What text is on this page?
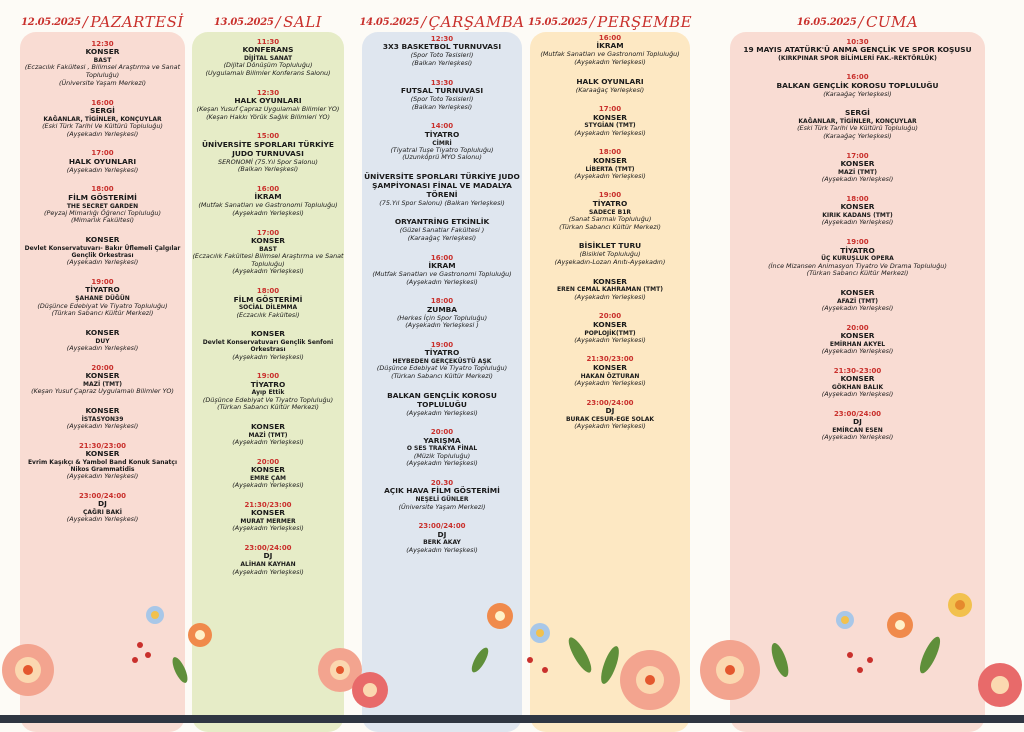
12.05.2025 / PAZARTESİ	13.05.2025 / SALI	14.05.2025 / ÇARŞAMBA 15.05.2025 / PERŞEMBE	16.05.2025 / CUMA
12:30
KONSER
BAST
(Eczacılık Fakültesi , Bilimsel Araştırma ve Sanat Topluluğu)
(Üniversite Yaşam Merkezi)
16:00
SERGİ
KAĞANLAR, TİGİNLER, KONÇUYLAR
(Eski Türk Tarihi Ve Kültürü Topluluğu)
(Ayşekadın Yerleşkesi)
17:00
HALK OYUNLARI
(Ayşekadın Yerleşkesi)
18:00
FİLM GÖSTERİMİ
THE SECRET GARDEN
(Peyzaj Mimarlığı Öğrenci Topluluğu)
(Mimarlık Fakültesi)
KONSER
Devlet Konservatuvarı- Bakır Üflemeli Çalgılar Gençlik Orkestrası
(Ayşekadın Yerleşkesi)
19:00
TİYATRO
ŞAHANE DÜĞÜN
(Düşünce Edebiyat Ve Tiyatro Topluluğu)
(Türkan Sabancı Kültür Merkezi)
KONSER
DUY
(Ayşekadın Yerleşkesi)
20:00
KONSER
MAZİ (TMT)
(Keşan Yusuf Çapraz Uygulamalı Bilimler YO)
KONSER
İSTASYON39
(Ayşekadın Yerleşkesi)
21:30/23:00
KONSER
Evrim Kaşıkçı & Yambol Band Konuk Sanatçı Nikos Grammatidis
(Ayşekadın Yerleşkesi)
23:00/24:00
DJ
ÇAĞRI BAKİ
(Ayşekadın Yerleşkesi)
11:30
KONFERANS
DİJİTAL SANAT
(Dijital Dönüşüm Topluluğu)
(Uygulamalı Bilimler Konferans Salonu)
12:30
HALK OYUNLARI
(Keşan Yusuf Çapraz Uygulamalı Bilimler YO)
(Keşan Hakkı Yörük Sağlık Bilimleri YO)
15:00
ÜNİVERSİTE SPORLARI TÜRKİYE JUDO TURNUVASI
SERONOMİ (75.Yıl Spor Salonu)
(Balkan Yerleşkesi)
16:00
İKRAM
(Mutfak Sanatları ve Gastronomi Topluluğu)
(Ayşekadın Yerleşkesi)
17:00
KONSER
BAST
(Eczacılık Fakültesi Bilimsel Araştırma ve Sanat Topluluğu)
(Ayşekadın Yerleşkesi)
18:00
FİLM GÖSTERİMİ
SOCİAL DİLEMMA
(Eczacılık Fakültesi)
KONSER
Devlet Konservatuvarı Gençlik Senfoni Orkestrası
(Ayşekadın Yerleşkesi)
19:00
TİYATRO
Ayıp Ettik
(Düşünce Edebiyat Ve Tiyatro Topluluğu)
(Türkan Sabancı Kültür Merkezi)
KONSER
MAZİ (TMT)
(Ayşekadın Yerleşkesi)
20:00
KONSER
EMRE ÇAM
(Ayşekadın Yerleşkesi)
21:30/23:00
KONSER
MURAT MERMER
(Ayşekadın Yerleşkesi)
23:00/24:00
DJ
ALİHAN KAYHAN
(Ayşekadın Yerleşkesi)
12:30
3X3 BASKETBOL TURNUVASI
(Spor Toto Tesisleri)
(Balkan Yerleşkesi)
13:30
FUTSAL TURNUVASI
(Spor Toto Tesisleri)
(Balkan Yerleşkesi)
14:00
TİYATRO
CİMRİ
(Tiyatral Tuşe Tiyatro Topluluğu)
(Uzunköprü MYO Salonu)
ÜNİVERSİTE SPORLARI TÜRKİYE JUDO ŞAMPİYONASI FİNAL VE MADALYA TÖRENİ
(75.Yıl Spor Salonu) (Balkan Yerleşkesi)
ORYANTRİNG ETKİNLİK
(Güzel Sanatlar Fakültesi )
(Karaağaç Yerleşkesi)
16:00
İKRAM
(Mutfak Sanatları ve Gastronomi Topluluğu)
(Ayşekadın Yerleşkesi)
18:00
ZUMBA
(Herkes İçin Spor Topluluğu)
(Ayşekadın Yerleşkesi )
19:00
TİYATRO
HEYBEDEN GERÇEKÜSTÜ AŞK
(Düşünce Edebiyat Ve Tiyatro Topluluğu)
(Türkan Sabancı Kültür Merkezi)
BALKAN GENÇLİK KOROSU TOPLULUĞU
(Ayşekadın Yerleşkesi)
20:00
YARIŞMA
O SES TRAKYA FİNAL
(Müzik Topluluğu)
(Ayşekadın Yerleşkesi)
20.30
AÇIK HAVA FİLM GÖSTERİMİ
NEŞELİ GÜNLER
(Üniversite Yaşam Merkezi)
23:00/24:00
DJ
BERK AKAY
(Ayşekadın Yerleşkesi)
16:00
İKRAM
(Mutfak Sanatları ve Gastronomi Topluluğu)
(Ayşekadın Yerleşkesi)
HALK OYUNLARI
(Karaağaç Yerleşkesi)
17:00
KONSER
STYGİAN (TMT)
(Ayşekadın Yerleşkesi)
18:00
KONSER
LİBERTA (TMT)
(Ayşekadın Yerleşkesi)
19:00
TİYATRO
SADECE B1R
(Sanat Sarmalı Topluluğu)
(Türkan Sabancı Kültür Merkezi)
BİSİKLET TURU
(Bisiklet Topluluğu)
(Ayşekadın-Lozan Anıtı-Ayşekadın)
KONSER
EREN CEMAL KAHRAMAN (TMT)
(Ayşekadın Yerleşkesi)
20:00
KONSER
POPLOJİK(TMT)
(Ayşekadın Yerleşkesi)
21:30/23:00
KONSER
HAKAN ÖZTURAN
(Ayşekadın Yerleşkesi)
23:00/24:00
DJ
BURAK CESUR-EGE SOLAK
(Ayşekadın Yerleşkesi)
10:30
19 MAYIS ATATÜRK'Ü ANMA GENÇLİK VE SPOR KOŞUSU
(KIRKPINAR SPOR BİLİMLERİ FAK.-REKTÖRLÜK)
16:00
BALKAN GENÇLİK KOROSU TOPLULUĞU
(Karaağaç Yerleşkesi)
SERGİ
KAĞANLAR, TİGİNLER, KONÇUYLAR
(Eski Türk Tarihi Ve Kültürü Topluluğu)
(Karaağaç Yerleşkesi)
17:00
KONSER
MAZİ (TMT)
(Ayşekadın Yerleşkesi)
18:00
KONSER
KIRIK KADANS (TMT)
(Ayşekadın Yerleşkesi)
19:00
TİYATRO
ÜÇ KURUŞLUK OPERA
(İnce Mizansen Animasyon Tiyatro Ve Drama Topluluğu)
(Türkan Sabancı Kültür Merkezi)
KONSER
AFAZİ (TMT)
(Ayşekadın Yerleşkesi)
20:00
KONSER
EMİRHAN AKYEL
(Ayşekadın Yerleşkesi)
21:30-23:00
KONSER
GÖKHAN BALIK
(Ayşekadın Yerleşkesi)
23:00/24:00
DJ
EMİRCAN ESEN
(Ayşekadın Yerleşkesi)
